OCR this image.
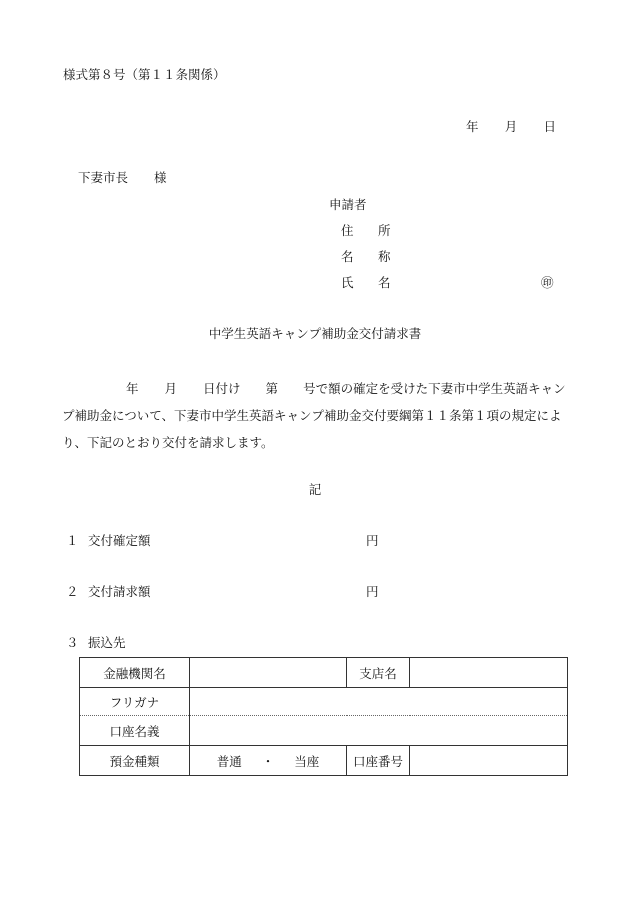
様式第８号（第１１条関係）
年 月 日
下妻市長 様
申請者
住	所
名	称
氏	名	㊞
中学生英語キャンプ補助金交付請求書
年 月 日付け 第 号で額の確定を受けた下妻市中学生英語キャン
プ補助金について、下妻市中学生英語キャンプ補助金交付要綱第１１条第１項の規定によ
り、下記のとおり交付を請求します。
記
１ 交付確定額	円
２ 交付請求額	円
３ 振込先
金融機関名		支店名	
フリガナ			
口座名義			
預金種類	普通 ・ 当座	口座番号	
